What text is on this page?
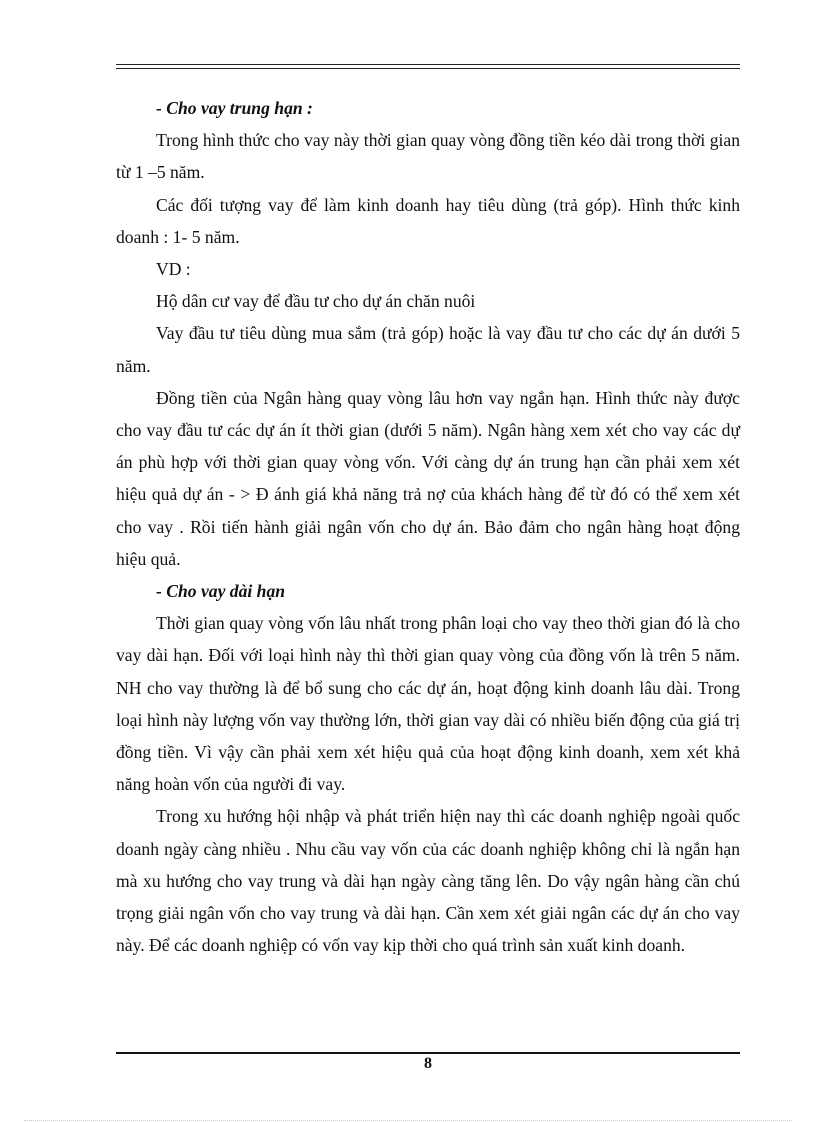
- Cho vay trung hạn :

Trong hình thức cho vay này thời gian quay vòng đồng tiền kéo dài trong thời gian từ 1 –5 năm.

Các đối tượng vay để làm kinh doanh hay tiêu dùng (trả góp). Hình thức kinh doanh : 1- 5 năm.

VD :

Hộ dân cư vay để đầu tư cho dự án chăn nuôi

Vay đầu tư tiêu dùng mua sắm (trả góp) hoặc là vay đầu tư cho các dự án dưới 5 năm.

Đồng tiền của Ngân hàng quay vòng lâu hơn vay ngắn hạn. Hình thức này được cho vay đầu tư các dự án ít thời gian (dưới 5 năm). Ngân hàng xem xét cho vay các dự án phù hợp với thời gian quay vòng vốn. Với càng dự án trung hạn cần phải xem xét hiệu quả dự án - > Đ ánh giá khả năng trả nợ của khách hàng để từ đó có thể xem xét cho vay . Rồi tiến hành giải ngân vốn cho dự án. Bảo đảm cho ngân hàng hoạt động hiệu quả.

- Cho vay dài hạn

Thời gian quay vòng vốn lâu nhất trong phân loại cho vay theo thời gian đó là cho vay dài hạn. Đối với loại hình này thì thời gian quay vòng của đồng vốn là trên 5 năm. NH cho vay thường là để bổ sung cho các dự án, hoạt động kinh doanh lâu dài. Trong loại hình này lượng vốn vay thường lớn, thời gian vay dài có nhiều biến động của giá trị đồng tiền. Vì vậy cần phải xem xét hiệu quả của hoạt động kinh doanh, xem xét khả năng hoàn vốn của người đi vay.

Trong xu hướng hội nhập và phát triển hiện nay thì các doanh nghiệp ngoài quốc doanh ngày càng nhiều . Nhu cầu vay vốn của các doanh nghiệp không chỉ là ngắn hạn mà xu hướng cho vay trung và dài hạn ngày càng tăng lên. Do vậy ngân hàng cần chú trọng giải ngân vốn cho vay trung và dài hạn. Cần xem xét giải ngân các dự án cho vay này. Để các doanh nghiệp có vốn vay kịp thời cho quá trình sản xuất kinh doanh.

8
